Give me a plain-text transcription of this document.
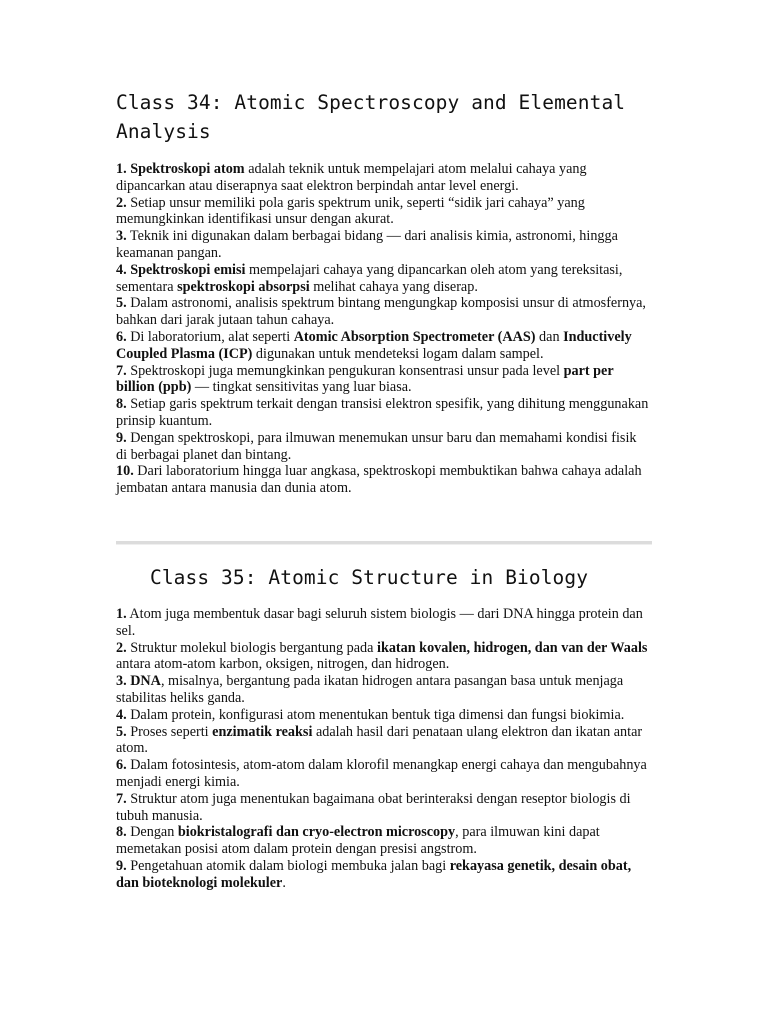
Class 34: Atomic Spectroscopy and Elemental Analysis
1. Spektroskopi atom adalah teknik untuk mempelajari atom melalui cahaya yang dipancarkan atau diserapnya saat elektron berpindah antar level energi.
2. Setiap unsur memiliki pola garis spektrum unik, seperti “sidik jari cahaya” yang memungkinkan identifikasi unsur dengan akurat.
3. Teknik ini digunakan dalam berbagai bidang — dari analisis kimia, astronomi, hingga keamanan pangan.
4. Spektroskopi emisi mempelajari cahaya yang dipancarkan oleh atom yang tereksitasi, sementara spektroskopi absorpsi melihat cahaya yang diserap.
5. Dalam astronomi, analisis spektrum bintang mengungkap komposisi unsur di atmosfernya, bahkan dari jarak jutaan tahun cahaya.
6. Di laboratorium, alat seperti Atomic Absorption Spectrometer (AAS) dan Inductively Coupled Plasma (ICP) digunakan untuk mendeteksi logam dalam sampel.
7. Spektroskopi juga memungkinkan pengukuran konsentrasi unsur pada level part per billion (ppb) — tingkat sensitivitas yang luar biasa.
8. Setiap garis spektrum terkait dengan transisi elektron spesifik, yang dihitung menggunakan prinsip kuantum.
9. Dengan spektroskopi, para ilmuwan menemukan unsur baru dan memahami kondisi fisik di berbagai planet dan bintang.
10. Dari laboratorium hingga luar angkasa, spektroskopi membuktikan bahwa cahaya adalah jembatan antara manusia dan dunia atom.
Class 35: Atomic Structure in Biology
1. Atom juga membentuk dasar bagi seluruh sistem biologis — dari DNA hingga protein dan sel.
2. Struktur molekul biologis bergantung pada ikatan kovalen, hidrogen, dan van der Waals antara atom-atom karbon, oksigen, nitrogen, dan hidrogen.
3. DNA, misalnya, bergantung pada ikatan hidrogen antara pasangan basa untuk menjaga stabilitas heliks ganda.
4. Dalam protein, konfigurasi atom menentukan bentuk tiga dimensi dan fungsi biokimia.
5. Proses seperti enzimatik reaksi adalah hasil dari penataan ulang elektron dan ikatan antar atom.
6. Dalam fotosintesis, atom-atom dalam klorofil menangkap energi cahaya dan mengubahnya menjadi energi kimia.
7. Struktur atom juga menentukan bagaimana obat berinteraksi dengan reseptor biologis di tubuh manusia.
8. Dengan biokristalografi dan cryo-electron microscopy, para ilmuwan kini dapat memetakan posisi atom dalam protein dengan presisi angstrom.
9. Pengetahuan atomik dalam biologi membuka jalan bagi rekayasa genetik, desain obat, dan bioteknologi molekuler.
